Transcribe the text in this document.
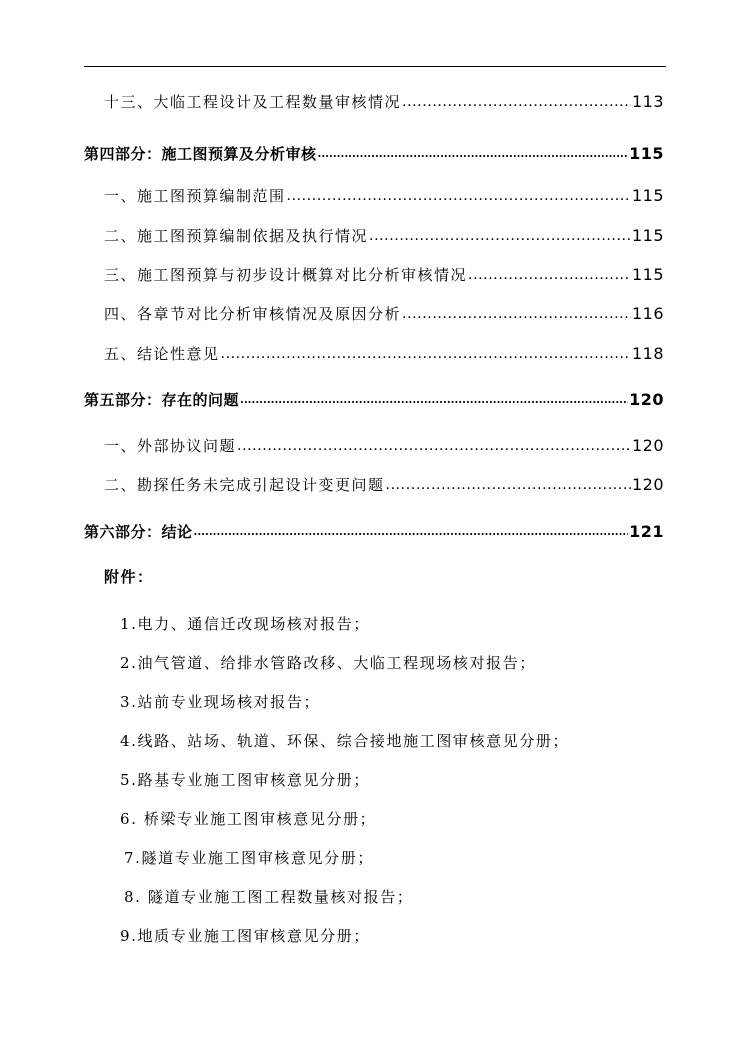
十三、大临工程设计及工程数量审核情况 .....	113
第四部分：施工图预算及分析审核 .....	115
一、施工图预算编制范围 .....	115
二、施工图预算编制依据及执行情况 .....	115
三、施工图预算与初步设计概算对比分析审核情况 .....	115
四、各章节对比分析审核情况及原因分析 .....	116
五、结论性意见 .....	118
第五部分：存在的问题 .....	120
一、外部协议问题 .....	120
二、勘探任务未完成引起设计变更问题 .....	120
第六部分：结论 .....	121
附件：
1.电力、通信迁改现场核对报告；
2.油气管道、给排水管路改移、大临工程现场核对报告；
3.站前专业现场核对报告；
4.线路、站场、轨道、环保、综合接地施工图审核意见分册；
5.路基专业施工图审核意见分册；
6. 桥梁专业施工图审核意见分册；
7.隧道专业施工图审核意见分册；
8. 隧道专业施工图工程数量核对报告；
9.地质专业施工图审核意见分册；
